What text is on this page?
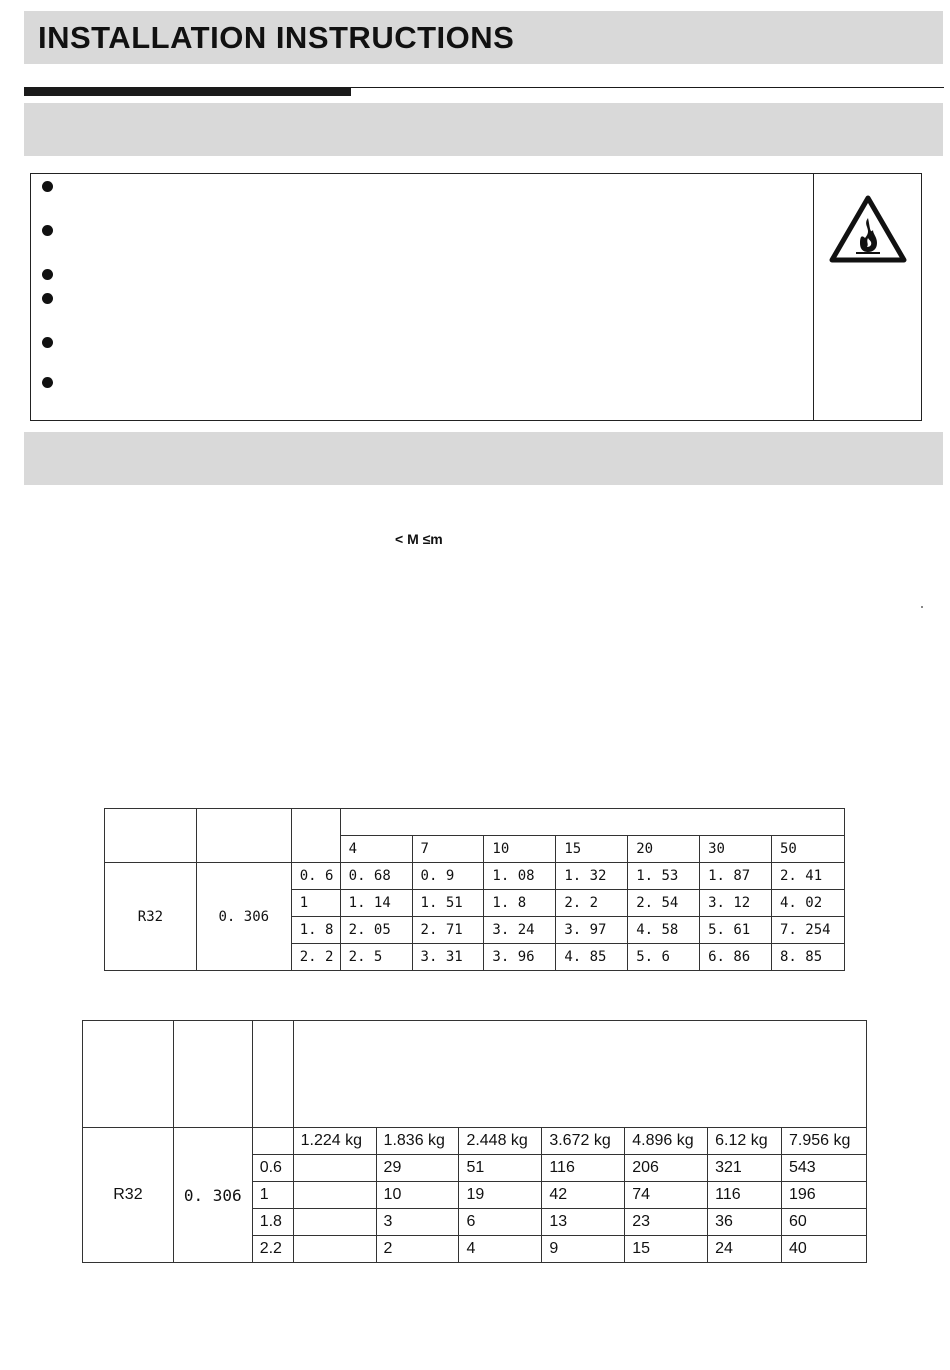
INSTALLATION INSTRUCTIONS
< M ≤m

			4	7	10	15	20	30	50
R32	0. 306	0. 6	0. 68	0. 9	1. 08	1. 32	1. 53	1. 87	2. 41
		1	1. 14	1. 51	1. 8	2. 2	2. 54	3. 12	4. 02
		1. 8	2. 05	2. 71	3. 24	3. 97	4. 58	5. 61	7. 254
		2. 2	2. 5	3. 31	3. 96	4. 85	5. 6	6. 86	8. 85

R32	0. 306		1.224 kg	1.836 kg	2.448 kg	3.672 kg	4.896 kg	6.12 kg	7.956 kg
		0.6		29	51	116	206	321	543
		1		10	19	42	74	116	196
		1.8		3	6	13	23	36	60
		2.2		2	4	9	15	24	40
